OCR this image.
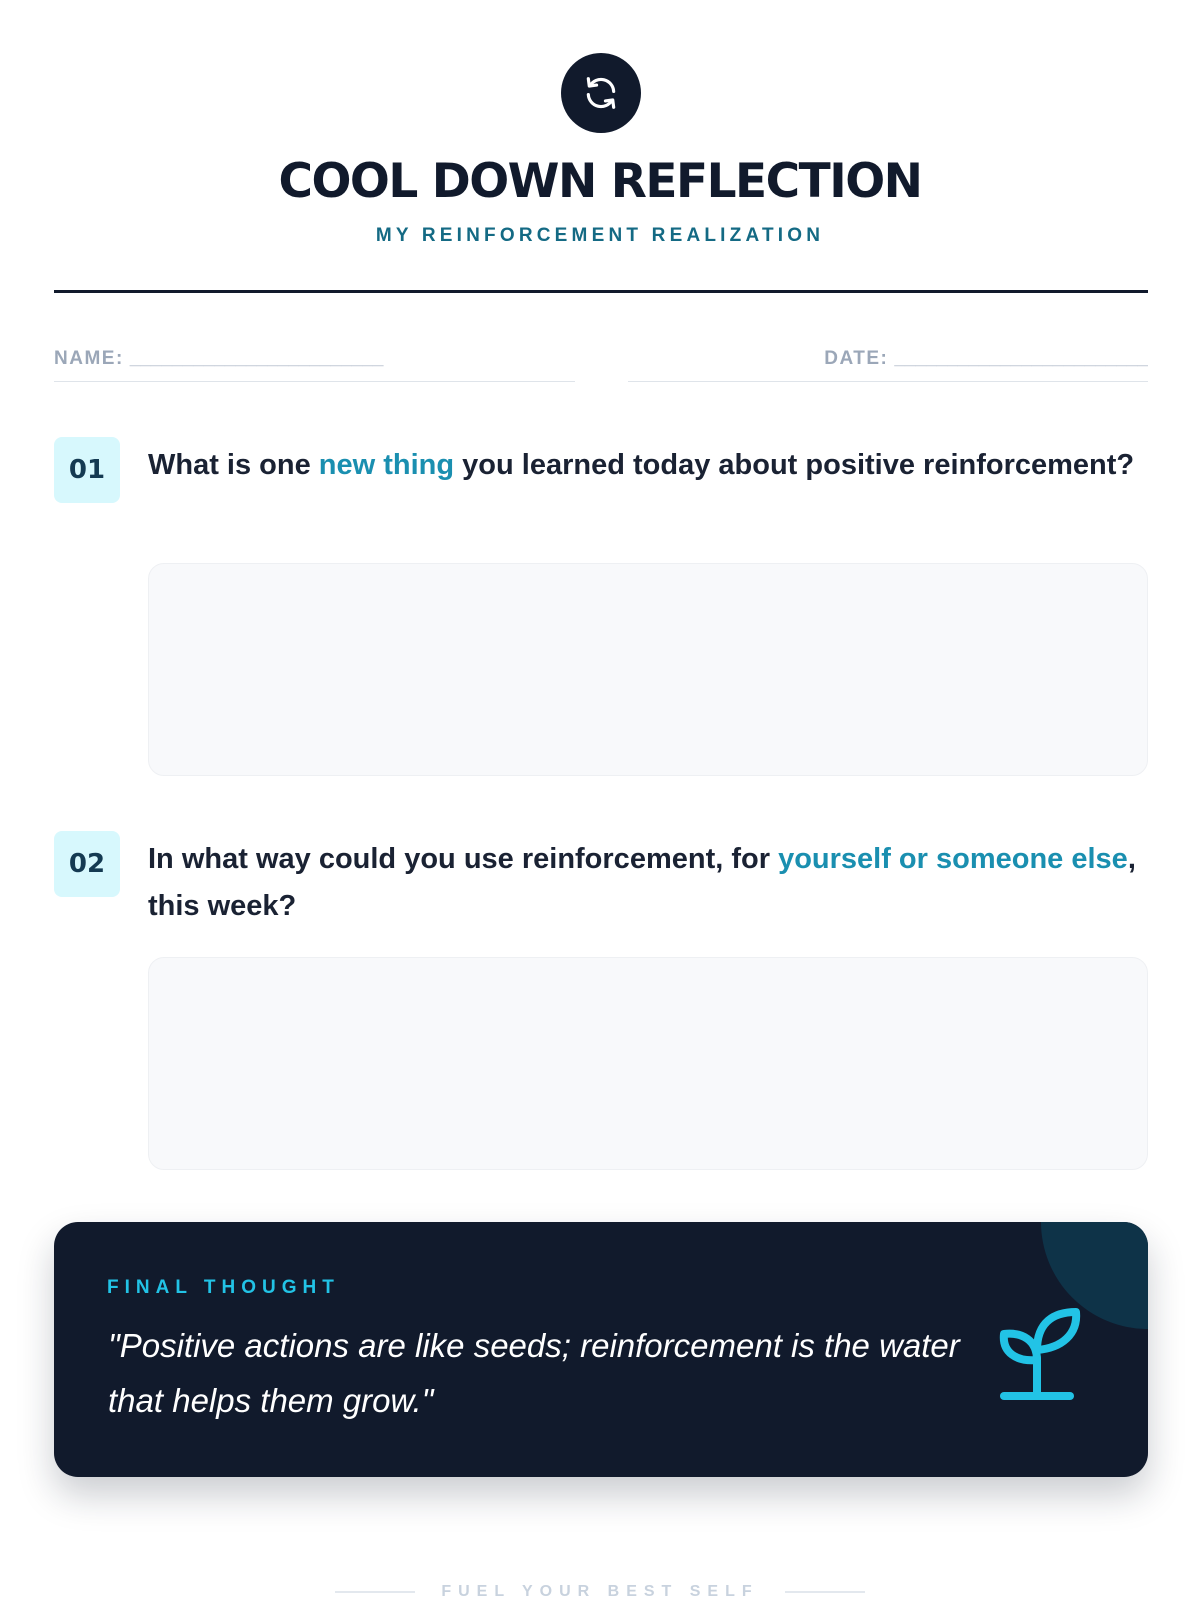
COOL DOWN REFLECTION
MY REINFORCEMENT REALIZATION
NAME: ________________________	DATE: ________________________
01	What is one new thing you learned today about positive reinforcement?

02	In what way could you use reinforcement, for yourself or someone else, this week?

FINAL THOUGHT

"Positive actions are like seeds; reinforcement is the water that helps them grow."

FUEL YOUR BEST SELF
